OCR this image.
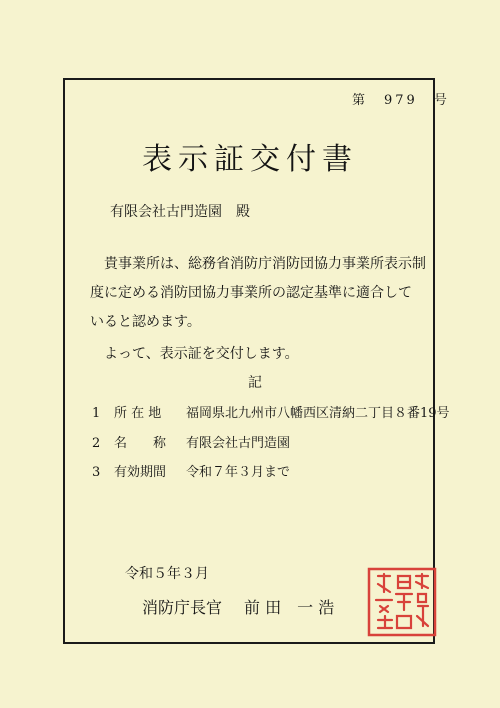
第　979　号
表示証交付書
有限会社古門造園 殿
貴事業所は、総務省消防庁消防団協力事業所表示制
度に定める消防団協力事業所の認定基準に適合して
いると認めます。
よって、表示証を交付します。
記
1 所 在 地 福岡県北九州市八幡西区清納二丁目８番19号
2 名　　称 有限会社古門造園
3 有効期間 令和７年３月まで
令和５年３月
消防庁長官 前 田　一 浩
